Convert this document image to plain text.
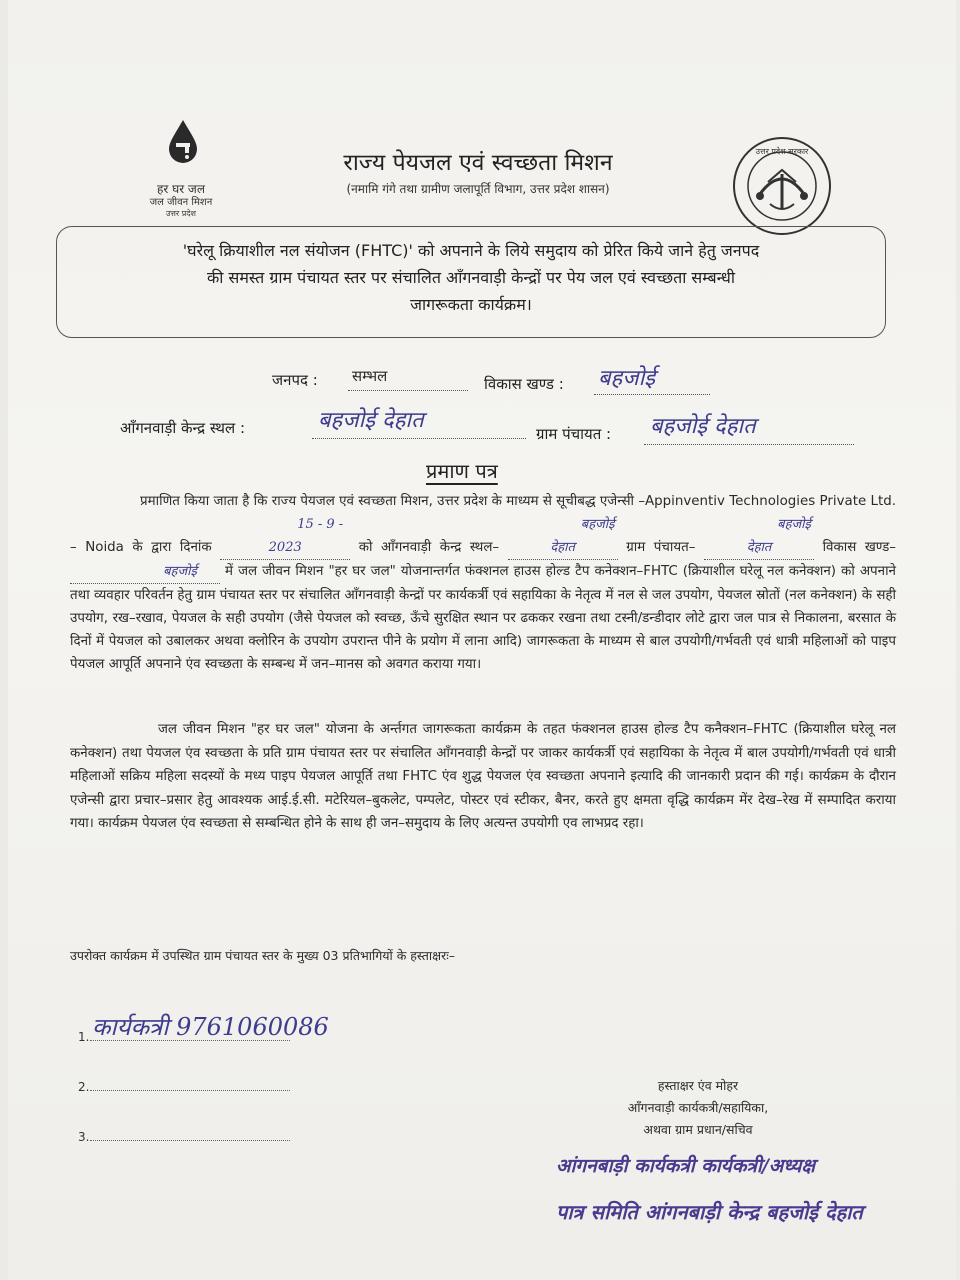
हर घर जल
जल जीवन मिशन
उत्तर प्रदेश
राज्य पेयजल एवं स्वच्छता मिशन
(नमामि गंगे तथा ग्रामीण जलापूर्ति विभाग, उत्तर प्रदेश शासन)
उत्तर प्रदेश सरकार
'घरेलू क्रियाशील नल संयोजन (FHTC)' को अपनाने के लिये समुदाय को प्रेरित किये जाने हेतु जनपद
की समस्त ग्राम पंचायत स्तर पर संचालित आँगनवाड़ी केन्द्रों पर पेय जल एवं स्वच्छता सम्बन्धी
जागरूकता कार्यक्रम।
जनपद : सम्भल	विकास खण्ड : बहजोई
आँगनवाड़ी केन्द्र स्थल :	बहजोई देहात
ग्राम पंचायत : बहजोई देहात
प्रमाण पत्र
प्रमाणित किया जाता है कि राज्य पेयजल एवं स्वच्छता मिशन, उत्तर प्रदेश के माध्यम से सूचीबद्ध एजेन्सी –Appinventiv Technologies Private Ltd. – Noida के द्वारा दिनांक 15 - 9 - 2023	को आँगनवाड़ी केन्द्र स्थल– बहजोई देहात	ग्राम पंचायत– बहजोई देहात	विकास खण्ड– बहजोई में जल जीवन मिशन "हर घर जल" योजनान्तर्गत फंक्शनल हाउस होल्ड टैप कनेक्शन–FHTC (क्रियाशील घरेलू नल कनेक्शन) को अपनाने तथा व्यवहार परिवर्तन हेतु ग्राम पंचायत स्तर पर संचालित आँगनवाड़ी केन्द्रों पर कार्यकर्त्री एवं सहायिका के नेतृत्व में नल से जल उपयोग, पेयजल स्रोतों (नल कनेक्शन) के सही उपयोग, रख–रखाव, पेयजल के सही उपयोग (जैसे पेयजल को स्वच्छ, ऊँचे सुरक्षित स्थान पर ढककर रखना तथा टस्नी/डन्डीदार लोटे द्वारा जल पात्र से निकालना, बरसात के दिनों में पेयजल को उबालकर अथवा क्लोरिन के उपयोग उपरान्त पीने के प्रयोग में लाना आदि) जागरूकता के माध्यम से बाल उपयोगी/गर्भवती एवं धात्री महिलाओं को पाइप पेयजल आपूर्ति अपनाने एंव स्वच्छता के सम्बन्ध में जन–मानस को अवगत कराया गया।
जल जीवन मिशन "हर घर जल" योजना के अर्न्तगत जागरूकता कार्यक्रम के तहत फंक्शनल हाउस होल्ड टैप कनैक्शन–FHTC (क्रियाशील घरेलू नल कनेक्शन) तथा पेयजल एंव स्वच्छता के प्रति ग्राम पंचायत स्तर पर संचालित आँगनवाड़ी केन्द्रों पर जाकर कार्यकर्त्री एवं सहायिका के नेतृत्व में बाल उपयोगी/गर्भवती एवं धात्री महिलाओं सक्रिय महिला सदस्यों के मध्य पाइप पेयजल आपूर्ति तथा FHTC एंव शुद्ध पेयजल एंव स्वच्छता अपनाने इत्यादि की जानकारी प्रदान की गई। कार्यक्रम के दौरान एजेन्सी द्वारा प्रचार–प्रसार हेतु आवश्यक आई.ई.सी. मटेरियल–बुकलेट, पम्पलेट, पोस्टर एवं स्टीकर, बैनर, करते हुए क्षमता वृद्धि कार्यक्रम मेंर देख–रेख में सम्पादित कराया गया। कार्यक्रम पेयजल एंव स्वच्छता से सम्बन्धित होने के साथ ही जन–समुदाय के लिए अत्यन्त उपयोगी एव लाभप्रद रहा।
उपरोक्त कार्यक्रम में उपस्थित ग्राम पंचायत स्तर के मुख्य 03 प्रतिभागियों के हस्ताक्षरः–
1. कार्यकत्री 9761060086
2.
3.
हस्ताक्षर एंव मोहर
आँगनवाड़ी कार्यकत्री/सहायिका,
अथवा ग्राम प्रधान/सचिव
आंगनबाड़ी कार्यकत्री कार्यकत्री/अध्यक्ष
पात्र समिति आंगनबाड़ी केन्द्र बहजोई देहात
